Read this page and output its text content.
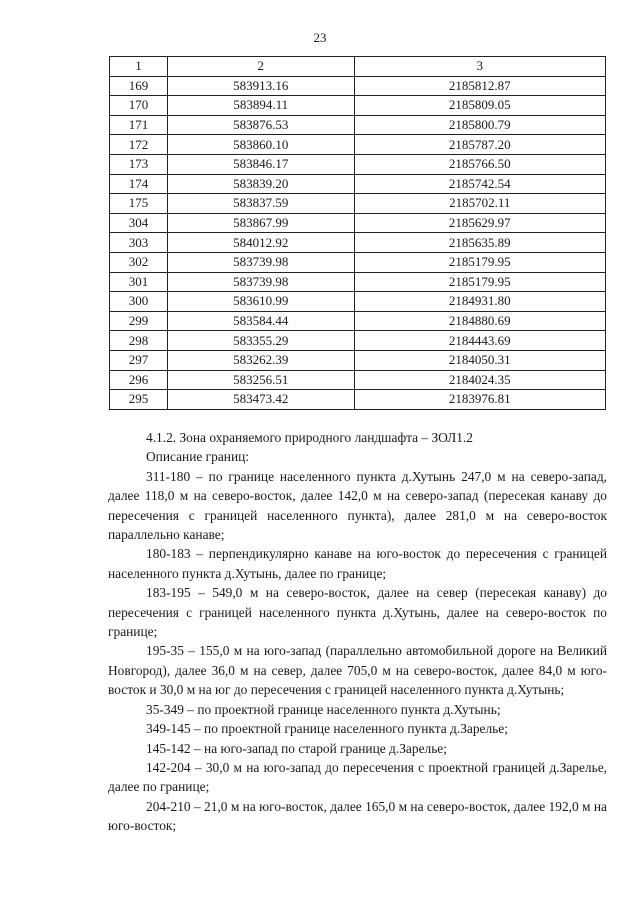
23
1	2	3
169	583913.16	2185812.87
170	583894.11	2185809.05
171	583876.53	2185800.79
172	583860.10	2185787.20
173	583846.17	2185766.50
174	583839.20	2185742.54
175	583837.59	2185702.11
304	583867.99	2185629.97
303	584012.92	2185635.89
302	583739.98	2185179.95
301	583739.98	2185179.95
300	583610.99	2184931.80
299	583584.44	2184880.69
298	583355.29	2184443.69
297	583262.39	2184050.31
296	583256.51	2184024.35
295	583473.42	2183976.81

4.1.2. Зона охраняемого природного ландшафта – ЗОЛ1.2

Описание границ:

311-180 – по границе населенного пункта д.Хутынь 247,0 м на северо-запад, далее 118,0 м на северо-восток, далее 142,0 м на северо-запад (пересекая канаву до пересечения с границей населенного пункта), далее 281,0 м на северо-восток параллельно канаве;

180-183 – перпендикулярно канаве на юго-восток до пересечения с границей населенного пункта д.Хутынь, далее по границе;

183-195 – 549,0 м на северо-восток, далее на север (пересекая канаву) до пересечения с границей населенного пункта д.Хутынь, далее на северо-восток по границе;

195-35 – 155,0 м на юго-запад (параллельно автомобильной дороге на Великий Новгород), далее 36,0 м на север, далее 705,0 м на северо-восток, далее 84,0 м юго-восток и 30,0 м на юг до пересечения с границей населенного пункта д.Хутынь;

35-349 – по проектной границе населенного пункта д.Хутынь;

349-145 – по проектной границе населенного пункта д.Зарелье;

145-142 – на юго-запад по старой границе д.Зарелье;

142-204 – 30,0 м на юго-запад до пересечения с проектной границей д.Зарелье, далее по границе;

204-210 – 21,0 м на юго-восток, далее 165,0 м на северо-восток, далее 192,0 м на юго-восток;
